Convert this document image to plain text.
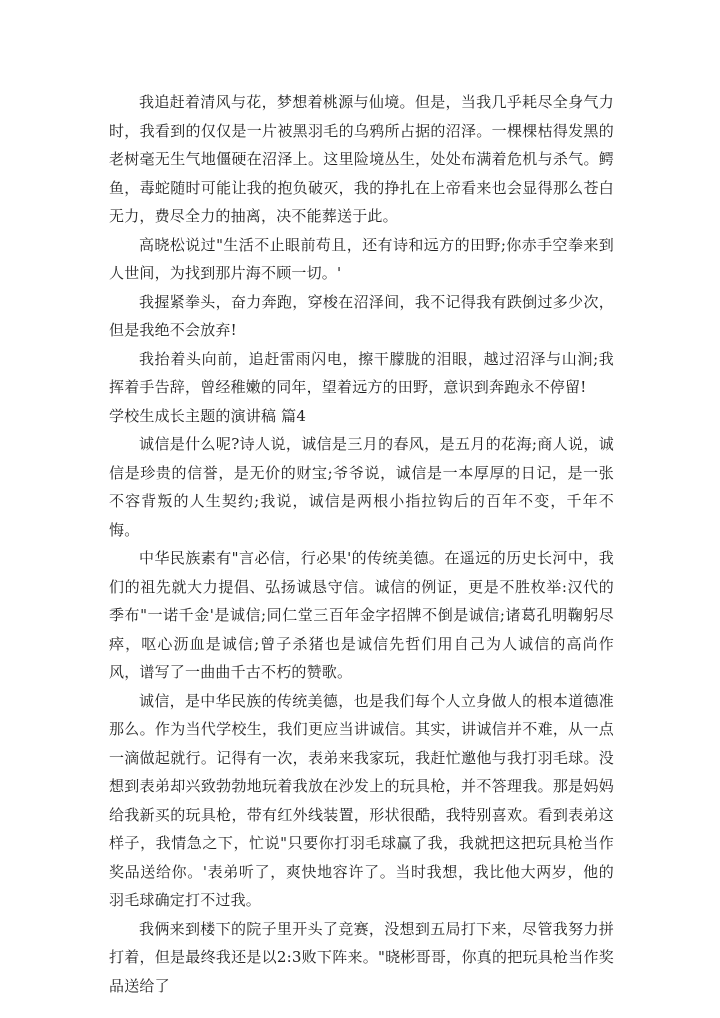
我追赶着清风与花，梦想着桃源与仙境。但是，当我几乎耗尽全身气力时，我看到的仅仅是一片被黑羽毛的乌鸦所占据的沼泽。一棵棵枯得发黑的老树毫无生气地僵硬在沼泽上。这里险境丛生，处处布满着危机与杀气。鳄鱼，毒蛇随时可能让我的抱负破灭，我的挣扎在上帝看来也会显得那么苍白无力，费尽全力的抽离，决不能葬送于此。

高晓松说过"生活不止眼前苟且，还有诗和远方的田野;你赤手空拳来到人世间，为找到那片海不顾一切。'

我握紧拳头，奋力奔跑，穿梭在沼泽间，我不记得我有跌倒过多少次，但是我绝不会放弃!

我抬着头向前，追赶雷雨闪电，擦干朦胧的泪眼，越过沼泽与山涧;我挥着手告辞，曾经稚嫩的同年，望着远方的田野，意识到奔跑永不停留!

学校生成长主题的演讲稿 篇4

诚信是什么呢?诗人说，诚信是三月的春风，是五月的花海;商人说，诚信是珍贵的信誉，是无价的财宝;爷爷说，诚信是一本厚厚的日记，是一张不容背叛的人生契约;我说，诚信是两根小指拉钩后的百年不变，千年不悔。

中华民族素有"言必信，行必果'的传统美德。在遥远的历史长河中，我们的祖先就大力提倡、弘扬诚恳守信。诚信的例证，更是不胜枚举:汉代的季布"一诺千金'是诚信;同仁堂三百年金字招牌不倒是诚信;诸葛孔明鞠躬尽瘁，呕心沥血是诚信;曾子杀猪也是诚信先哲们用自己为人诚信的高尚作风，谱写了一曲曲千古不朽的赞歌。

诚信，是中华民族的传统美德，也是我们每个人立身做人的根本道德准那么。作为当代学校生，我们更应当讲诚信。其实，讲诚信并不难，从一点一滴做起就行。记得有一次，表弟来我家玩，我赶忙邀他与我打羽毛球。没想到表弟却兴致勃勃地玩着我放在沙发上的玩具枪，并不答理我。那是妈妈给我新买的玩具枪，带有红外线装置，形状很酷，我特别喜欢。看到表弟这样子，我情急之下，忙说"只要你打羽毛球赢了我，我就把这把玩具枪当作奖品送给你。'表弟听了，爽快地容许了。当时我想，我比他大两岁，他的羽毛球确定打不过我。

我俩来到楼下的院子里开头了竞赛，没想到五局打下来，尽管我努力拼打着，但是最终我还是以2:3败下阵来。"晓彬哥哥，你真的把玩具枪当作奖品送给了
